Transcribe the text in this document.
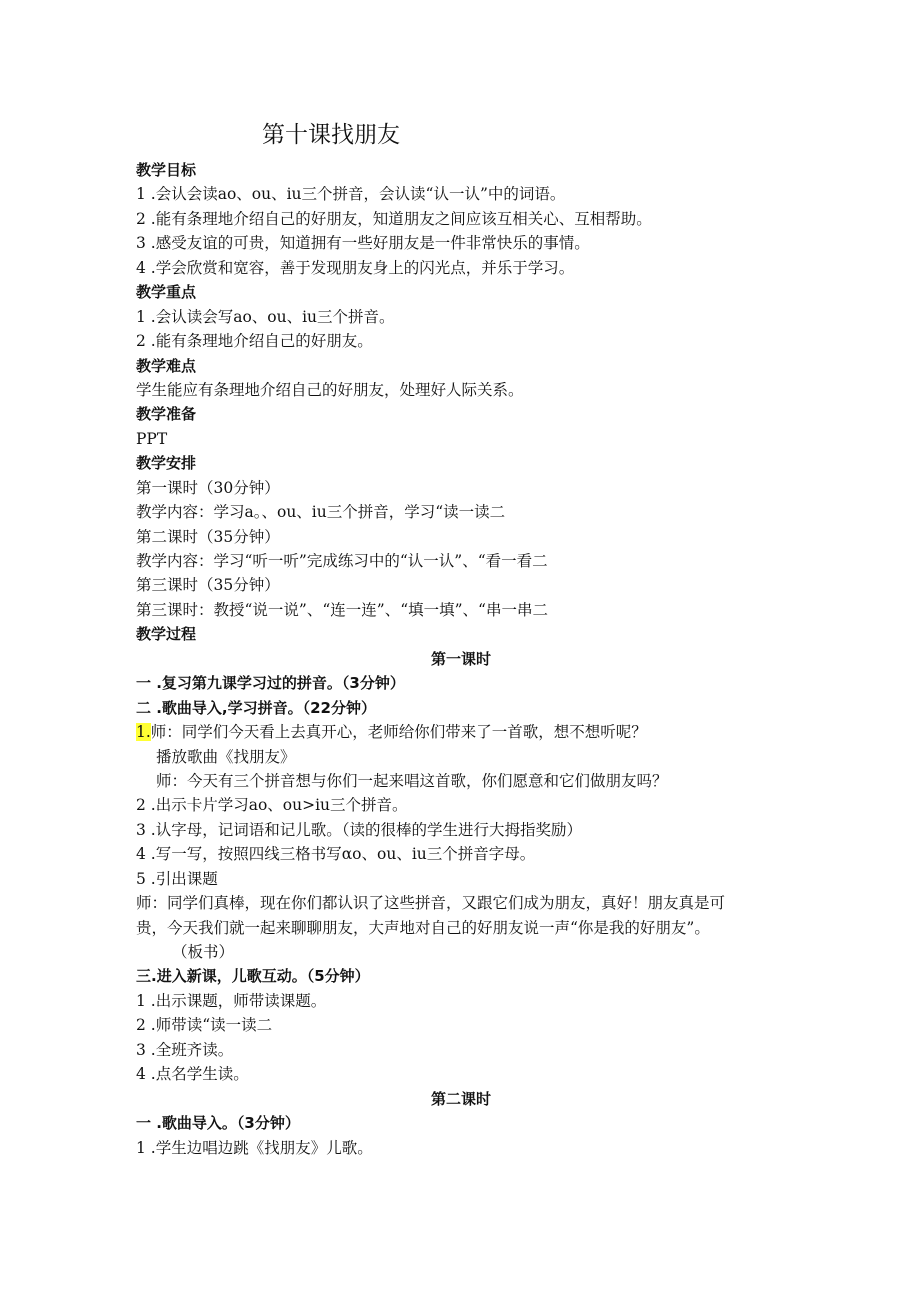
第十课找朋友
教学目标
1 .会认会读ao、ou、iu三个拼音，会认读“认一认”中的词语。
2 .能有条理地介绍自己的好朋友，知道朋友之间应该互相关心、互相帮助。
3 .感受友谊的可贵，知道拥有一些好朋友是一件非常快乐的事情。
4 .学会欣赏和宽容，善于发现朋友身上的闪光点，并乐于学习。
教学重点
1 .会认读会写ao、ou、iu三个拼音。
2 .能有条理地介绍自己的好朋友。
教学难点
学生能应有条理地介绍自己的好朋友，处理好人际关系。
教学准备
PPT
教学安排
第一课时（30分钟）
教学内容：学习a。、ou、iu三个拼音，学习“读一读二
第二课时（35分钟）
教学内容：学习“听一听”完成练习中的“认一认”、“看一看二
第三课时（35分钟）
第三课时：教授“说一说”、“连一连”、“填一填”、“串一串二
教学过程
第一课时
一 .复习第九课学习过的拼音。（3分钟）
二 .歌曲导入,学习拼音。（22分钟）
1.师：同学们今天看上去真开心，老师给你们带来了一首歌，想不想听呢？
播放歌曲《找朋友》
师：今天有三个拼音想与你们一起来唱这首歌，你们愿意和它们做朋友吗？
2 .出示卡片学习ao、ou>iu三个拼音。
3 .认字母，记词语和记儿歌。（读的很棒的学生进行大拇指奖励）
4 .写一写，按照四线三格书写αo、ou、iu三个拼音字母。
5 .引出课题
师：同学们真棒，现在你们都认识了这些拼音，又跟它们成为朋友，真好！朋友真是可
贵，今天我们就一起来聊聊朋友，大声地对自己的好朋友说一声“你是我的好朋友”。
（板书）
三.进入新课，儿歌互动。（5分钟）
1 .出示课题，师带读课题。
2 .师带读“读一读二
3 .全班齐读。
4 .点名学生读。
第二课时
一 .歌曲导入。（3分钟）
1 .学生边唱边跳《找朋友》儿歌。
